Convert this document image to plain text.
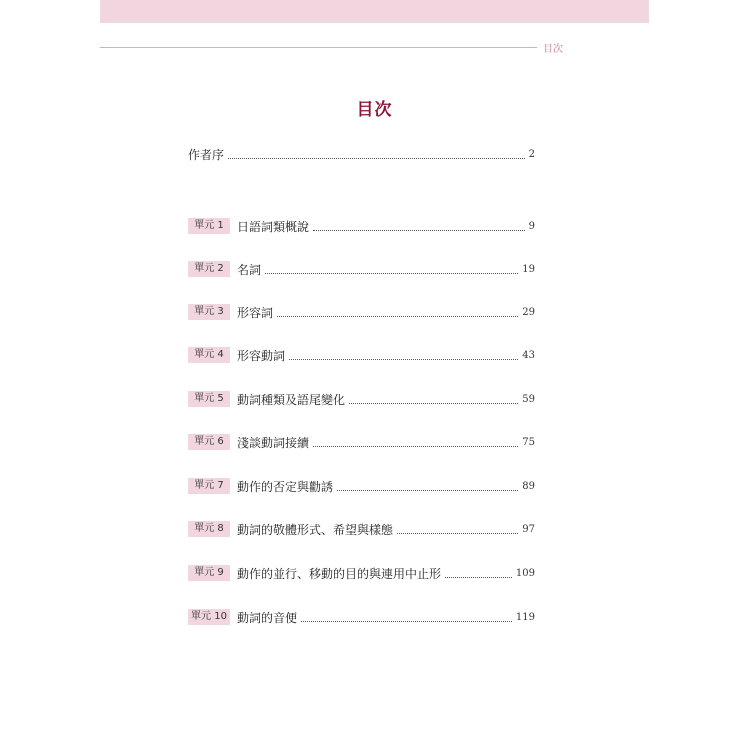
目次
目次
作者序	2
單元 1	日語詞類概說	9
單元 2	名詞	19
單元 3	形容詞	29
單元 4	形容動詞	43
單元 5	動詞種類及語尾變化	59
單元 6	淺談動詞接續	75
單元 7	動作的否定與勸誘	89
單元 8	動詞的敬體形式、希望與樣態	97
單元 9	動作的並行、移動的目的與連用中止形	109
單元 10 動詞的音便	119
